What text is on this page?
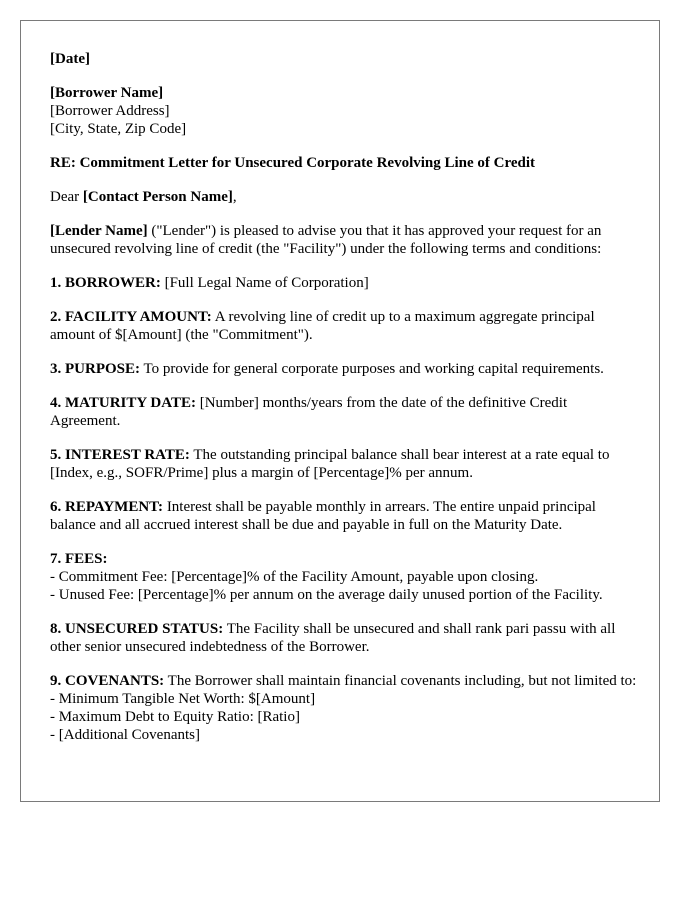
[Date]
[Borrower Name]
[Borrower Address]
[City, State, Zip Code]
RE: Commitment Letter for Unsecured Corporate Revolving Line of Credit
Dear [Contact Person Name],
[Lender Name] ("Lender") is pleased to advise you that it has approved your request for an unsecured revolving line of credit (the "Facility") under the following terms and conditions:
1. BORROWER: [Full Legal Name of Corporation]
2. FACILITY AMOUNT: A revolving line of credit up to a maximum aggregate principal amount of $[Amount] (the "Commitment").
3. PURPOSE: To provide for general corporate purposes and working capital requirements.
4. MATURITY DATE: [Number] months/years from the date of the definitive Credit Agreement.
5. INTEREST RATE: The outstanding principal balance shall bear interest at a rate equal to [Index, e.g., SOFR/Prime] plus a margin of [Percentage]% per annum.
6. REPAYMENT: Interest shall be payable monthly in arrears. The entire unpaid principal balance and all accrued interest shall be due and payable in full on the Maturity Date.
7. FEES:
- Commitment Fee: [Percentage]% of the Facility Amount, payable upon closing.
- Unused Fee: [Percentage]% per annum on the average daily unused portion of the Facility.
8. UNSECURED STATUS: The Facility shall be unsecured and shall rank pari passu with all other senior unsecured indebtedness of the Borrower.
9. COVENANTS: The Borrower shall maintain financial covenants including, but not limited to:
- Minimum Tangible Net Worth: $[Amount]
- Maximum Debt to Equity Ratio: [Ratio]
- [Additional Covenants]
